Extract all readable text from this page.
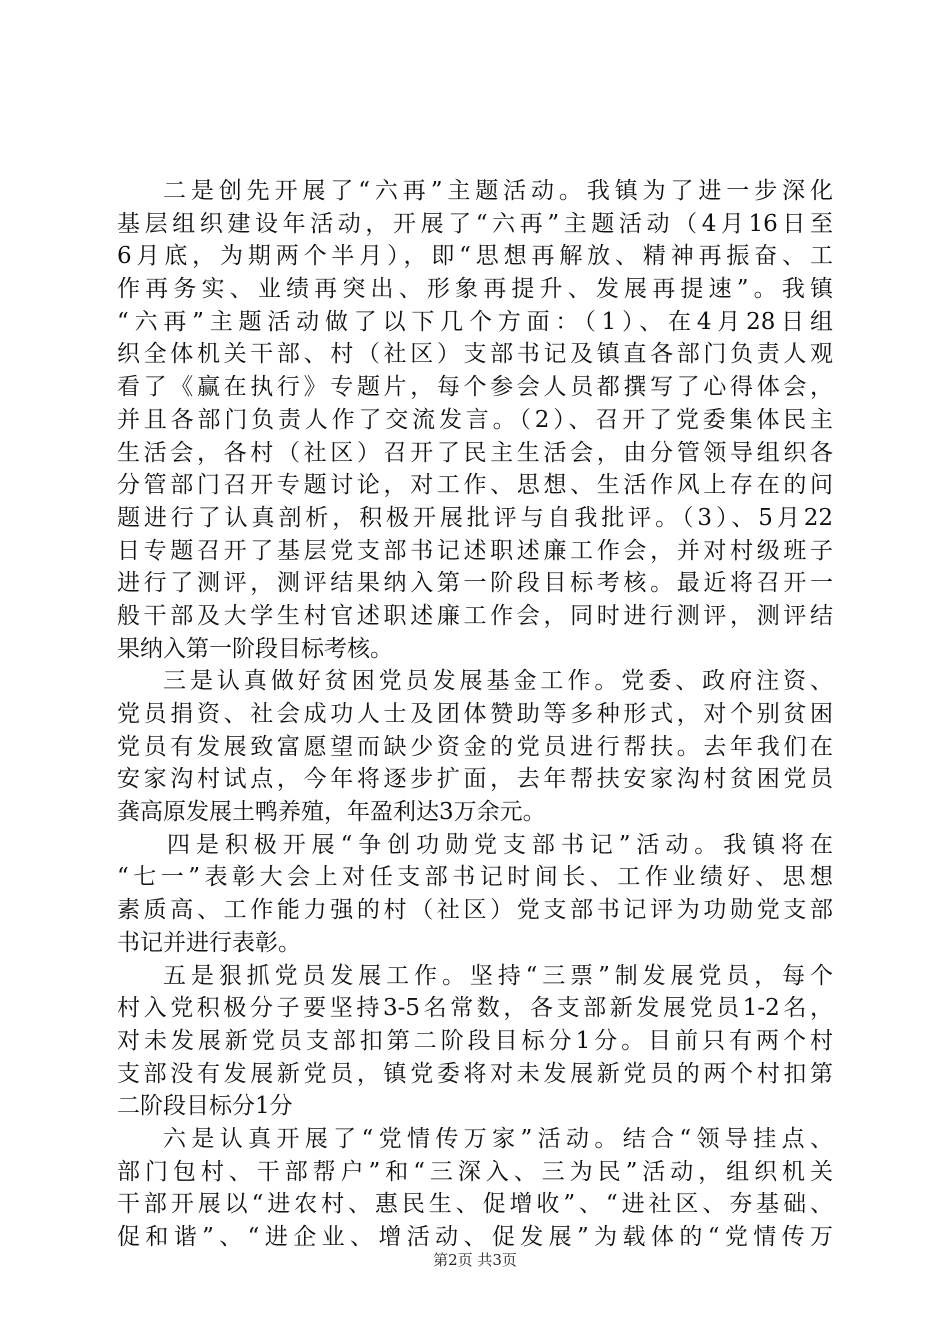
二是创先开展了“六再”主题活动。我镇为了进一步深化
基层组织建设年活动，开展了“六再”主题活动（4月16日至
6月底，为期两个半月），即“思想再解放、精神再振奋、工
作再务实、业绩再突出、形象再提升、发展再提速”。我镇
“六再”主题活动做了以下几个方面：（1）、在4月28日组
织全体机关干部、村（社区）支部书记及镇直各部门负责人观
看了《赢在执行》专题片，每个参会人员都撰写了心得体会，
并且各部门负责人作了交流发言。（2）、召开了党委集体民主
生活会，各村（社区）召开了民主生活会，由分管领导组织各
分管部门召开专题讨论，对工作、思想、生活作风上存在的问
题进行了认真剖析，积极开展批评与自我批评。（3）、5月22
日专题召开了基层党支部书记述职述廉工作会，并对村级班子
进行了测评，测评结果纳入第一阶段目标考核。最近将召开一
般干部及大学生村官述职述廉工作会，同时进行测评，测评结
果纳入第一阶段目标考核。
三是认真做好贫困党员发展基金工作。党委、政府注资、
党员捐资、社会成功人士及团体赞助等多种形式，对个别贫困
党员有发展致富愿望而缺少资金的党员进行帮扶。去年我们在
安家沟村试点，今年将逐步扩面，去年帮扶安家沟村贫困党员
龚高原发展土鸭养殖，年盈利达3万余元。
四是积极开展“争创功勋党支部书记”活动。我镇将在
“七一”表彰大会上对任支部书记时间长、工作业绩好、思想
素质高、工作能力强的村（社区）党支部书记评为功勋党支部
书记并进行表彰。
五是狠抓党员发展工作。坚持“三票”制发展党员，每个
村入党积极分子要坚持3-5名常数，各支部新发展党员1-2名，
对未发展新党员支部扣第二阶段目标分1分。目前只有两个村
支部没有发展新党员，镇党委将对未发展新党员的两个村扣第
二阶段目标分1分
六是认真开展了“党情传万家”活动。结合“领导挂点、
部门包村、干部帮户”和“三深入、三为民”活动，组织机关
干部开展以“进农村、惠民生、促增收”、“进社区、夯基础、
促和谐”、“进企业、增活动、促发展”为载体的“党情传万
第2页 共3页
